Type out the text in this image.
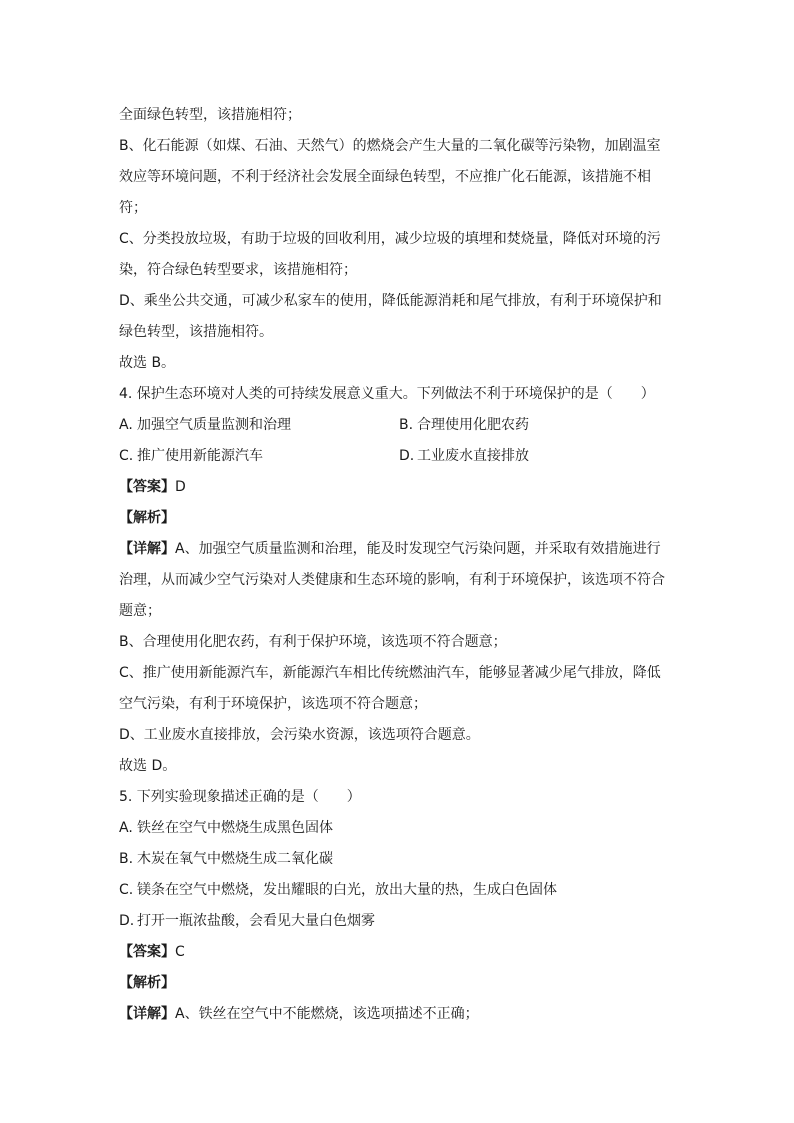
全面绿色转型，该措施相符；
B、化石能源（如煤、石油、天然气）的燃烧会产生大量的二氧化碳等污染物，加剧温室
效应等环境问题，不利于经济社会发展全面绿色转型，不应推广化石能源，该措施不相
符；
C、分类投放垃圾，有助于垃圾的回收利用，减少垃圾的填埋和焚烧量，降低对环境的污
染，符合绿色转型要求，该措施相符；
D、乘坐公共交通，可减少私家车的使用，降低能源消耗和尾气排放，有利于环境保护和
绿色转型，该措施相符。
故选 B。
4. 保护生态环境对人类的可持续发展意义重大。下列做法不利于环境保护的是（　　）
A. 加强空气质量监测和治理	B. 合理使用化肥农药
C. 推广使用新能源汽车	D. 工业废水直接排放
【答案】D
【解析】
【详解】A、加强空气质量监测和治理，能及时发现空气污染问题，并采取有效措施进行
治理，从而减少空气污染对人类健康和生态环境的影响，有利于环境保护，该选项不符合
题意；
B、合理使用化肥农药，有利于保护环境，该选项不符合题意；
C、推广使用新能源汽车，新能源汽车相比传统燃油汽车，能够显著减少尾气排放，降低
空气污染，有利于环境保护，该选项不符合题意；
D、工业废水直接排放，会污染水资源，该选项符合题意。
故选 D。
5. 下列实验现象描述正确的是（　　）
A. 铁丝在空气中燃烧生成黑色固体
B. 木炭在氧气中燃烧生成二氧化碳
C. 镁条在空气中燃烧，发出耀眼的白光，放出大量的热，生成白色固体
D. 打开一瓶浓盐酸，会看见大量白色烟雾
【答案】C
【解析】
【详解】A、铁丝在空气中不能燃烧，该选项描述不正确；
